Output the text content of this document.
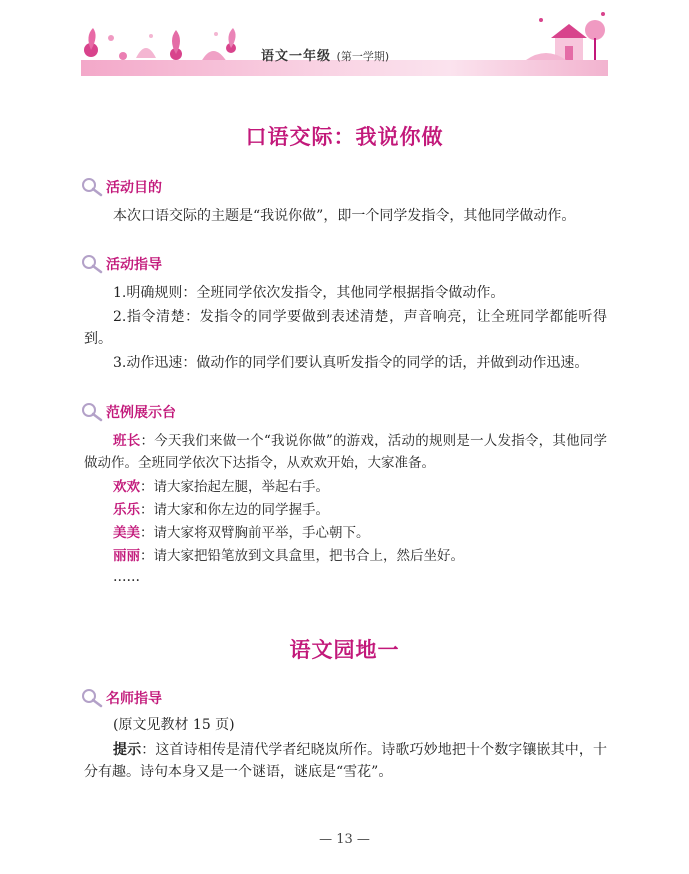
语文一年级 (第一学期)
口语交际：我说你做
活动目的
本次口语交际的主题是“我说你做”，即一个同学发指令，其他同学做动作。
活动指导
1.明确规则：全班同学依次发指令，其他同学根据指令做动作。
2.指令清楚：发指令的同学要做到表述清楚，声音响亮，让全班同学都能听得到。
3.动作迅速：做动作的同学们要认真听发指令的同学的话，并做到动作迅速。
范例展示台
班长：今天我们来做一个“我说你做”的游戏，活动的规则是一人发指令，其他同学做动作。全班同学依次下达指令，从欢欢开始，大家准备。
欢欢：请大家抬起左腿，举起右手。
乐乐：请大家和你左边的同学握手。
美美：请大家将双臂胸前平举，手心朝下。
丽丽：请大家把铅笔放到文具盒里，把书合上，然后坐好。
……
语文园地一
名师指导
(原文见教材 15 页)
提示：这首诗相传是清代学者纪晓岚所作。诗歌巧妙地把十个数字镶嵌其中，十分有趣。诗句本身又是一个谜语，谜底是“雪花”。
— 13 —
